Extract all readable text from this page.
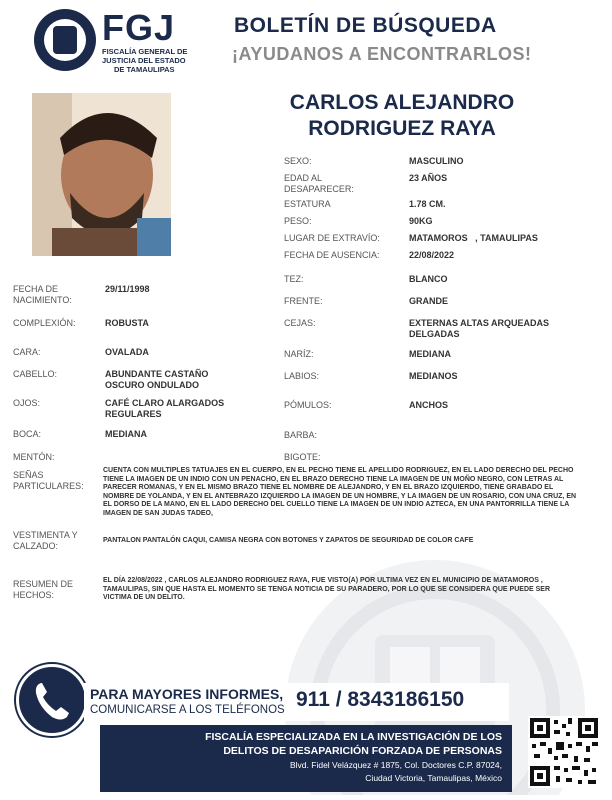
FGJ
FISCALÍA GENERAL DE
JUSTICIA DEL ESTADO
DE TAMAULIPAS
BOLETÍN DE BÚSQUEDA
¡AYUDANOS A ENCONTRARLOS!
CARLOS ALEJANDRO
RODRIGUEZ RAYA
SEXO:	MASCULINO
EDAD AL
DESAPARECER:
23 AÑOS
ESTATURA	1.78 CM.
PESO:	90KG
LUGAR DE EXTRAVÍO:	MATAMOROS   , TAMAULIPAS
FECHA DE AUSENCIA:	22/08/2022
TEZ:	BLANCO
FRENTE:	GRANDE
CEJAS:	EXTERNAS ALTAS ARQUEADAS
DELGADAS
NARÍZ:	MEDIANA
LABIOS:	MEDIANOS
PÓMULOS:	ANCHOS
BARBA:
BIGOTE:
FECHA DE
NACIMIENTO:
29/11/1998
COMPLEXIÓN:	ROBUSTA
CARA:	OVALADA
CABELLO:	ABUNDANTE CASTAÑO
OSCURO ONDULADO
OJOS:	CAFÉ CLARO ALARGADOS
REGULARES
BOCA:	MEDIANA
MENTÓN:
SEÑAS
PARTICULARES:
CUENTA CON MULTIPLES TATUAJES EN EL CUERPO, EN EL PECHO TIENE EL APELLIDO RODRIGUEZ, EN EL LADO DERECHO DEL PECHO TIENE LA IMAGEN DE UN INDIO CON UN PENACHO, EN EL BRAZO DERECHO TIENE LA IMAGEN DE UN MOÑO NEGRO, CON LETRAS AL PARECER ROMANAS, Y EN EL MISMO BRAZO TIENE EL NOMBRE DE ALEJANDRO, Y EN EL BRAZO IZQUIERDO, TIENE GRABADO EL NOMBRE DE YOLANDA, Y EN EL ANTEBRAZO IZQUIERDO LA IMAGEN DE UN HOMBRE, Y LA IMAGEN DE UN ROSARIO, CON UNA CRUZ, EN EL DORSO DE LA MANO, EN EL LADO DERECHO DEL CUELLO TIENE LA IMAGEN DE UN INDIO AZTECA, EN UNA PANTORRILLA TIENE LA IMAGEN DE SAN JUDAS TADEO,
VESTIMENTA Y
CALZADO:
PANTALON PANTALÓN CAQUI, CAMISA NEGRA CON BOTONES Y ZAPATOS DE SEGURIDAD DE COLOR CAFE
RESUMEN DE
HECHOS:
EL DÍA 22/08/2022 , CARLOS ALEJANDRO RODRIGUEZ RAYA, FUE VISTO(A) POR ULTIMA VEZ EN EL MUNICIPIO DE MATAMOROS , TAMAULIPAS, SIN QUE HASTA EL MOMENTO SE TENGA NOTICIA DE SU PARADERO, POR LO QUE SE CONSIDERA QUE PUEDE SER VICTIMA DE UN DELITO.
PARA MAYORES INFORMES,
COMUNICARSE A LOS TELÉFONOS 911 / 8343186150
FISCALÍA ESPECIALIZADA EN LA INVESTIGACIÓN DE LOS
DELITOS DE DESAPARICIÓN FORZADA DE PERSONAS
Blvd. Fidel Velázquez # 1875, Col. Doctores C.P. 87024,
Ciudad Victoria, Tamaulipas, México
